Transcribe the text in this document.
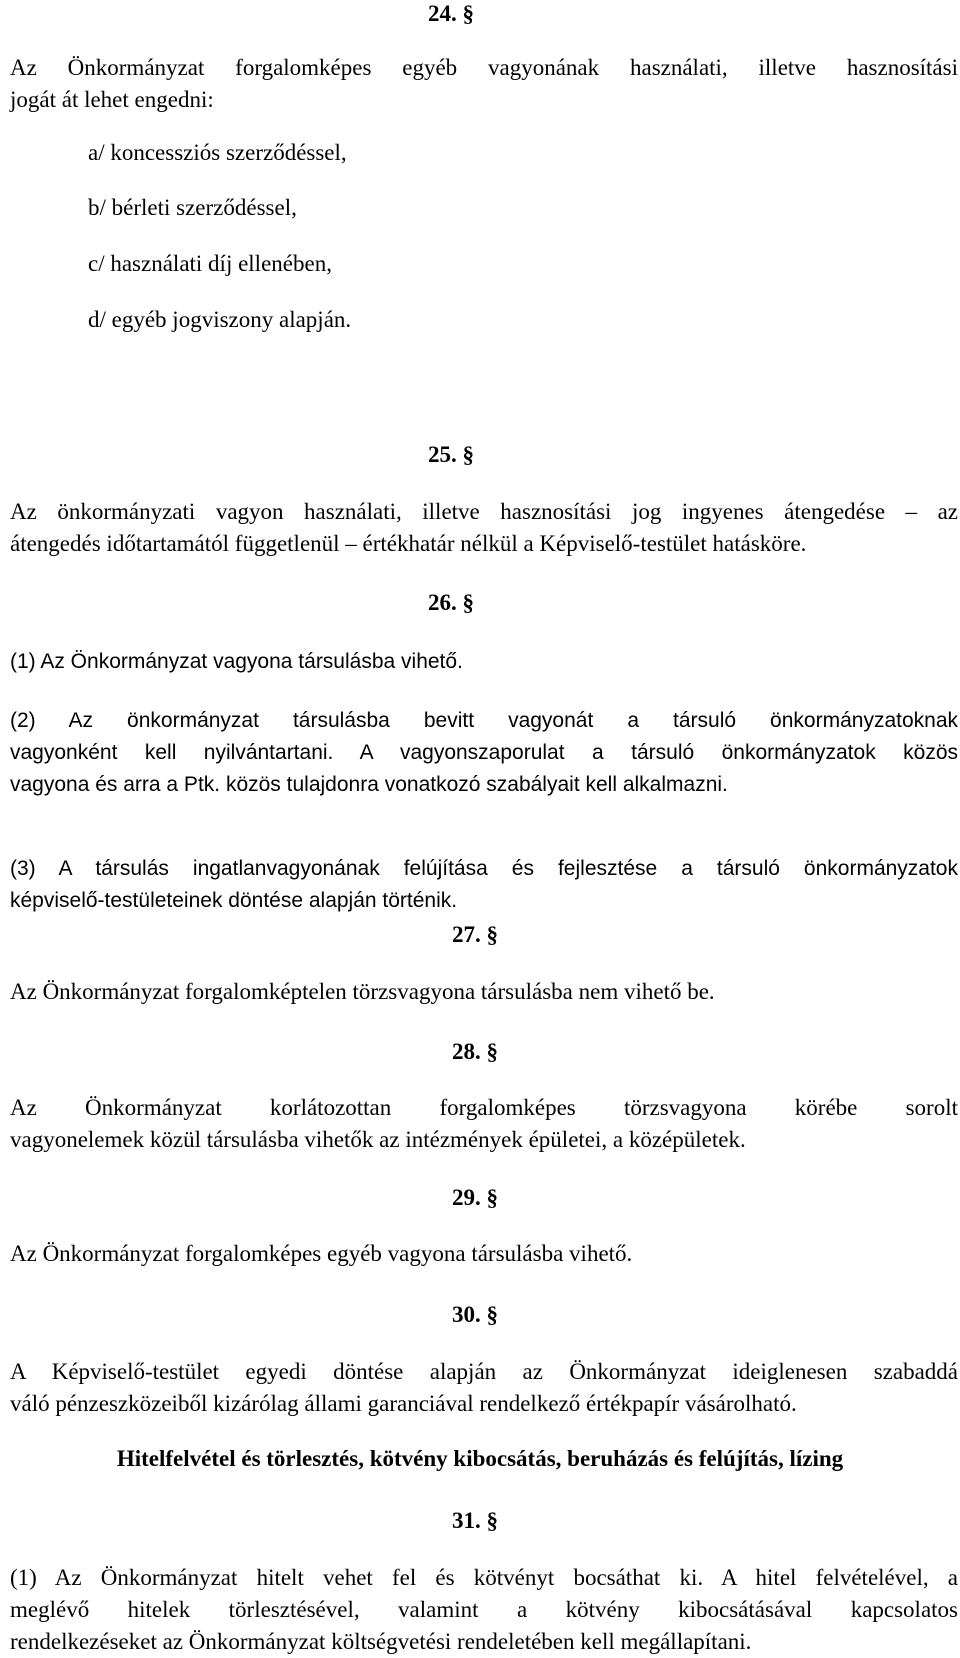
24. §
Az Önkormányzat forgalomképes egyéb vagyonának használati, illetve hasznosítási
jogát át lehet engedni:
a/ koncessziós szerződéssel,
b/ bérleti szerződéssel,
c/ használati díj ellenében,
d/ egyéb jogviszony alapján.
25. §
Az önkormányzati vagyon használati, illetve hasznosítási jog ingyenes átengedése – az
átengedés időtartamától függetlenül – értékhatár nélkül a Képviselő-testület hatásköre.
26. §
(1) Az Önkormányzat vagyona társulásba vihető.
(2) Az önkormányzat társulásba bevitt vagyonát a társuló önkormányzatoknak
vagyonként kell nyilvántartani. A vagyonszaporulat a társuló önkormányzatok közös
vagyona és arra a Ptk. közös tulajdonra vonatkozó szabályait kell alkalmazni.
(3) A társulás ingatlanvagyonának felújítása és fejlesztése a társuló önkormányzatok
képviselő-testületeinek döntése alapján történik.
27. §
Az Önkormányzat forgalomképtelen törzsvagyona társulásba nem vihető be.
28. §
Az Önkormányzat korlátozottan forgalomképes törzsvagyona körébe sorolt
vagyonelemek közül társulásba vihetők az intézmények épületei, a középületek.
29. §
Az Önkormányzat forgalomképes egyéb vagyona társulásba vihető.
30. §
A Képviselő-testület egyedi döntése alapján az Önkormányzat ideiglenesen szabaddá
váló pénzeszközeiből kizárólag állami garanciával rendelkező értékpapír vásárolható.
Hitelfelvétel és törlesztés, kötvény kibocsátás, beruházás és felújítás, lízing
31. §
(1) Az Önkormányzat hitelt vehet fel és kötvényt bocsáthat ki. A hitel felvételével, a
meglévő hitelek törlesztésével, valamint a kötvény kibocsátásával kapcsolatos
rendelkezéseket az Önkormányzat költségvetési rendeletében kell megállapítani.
